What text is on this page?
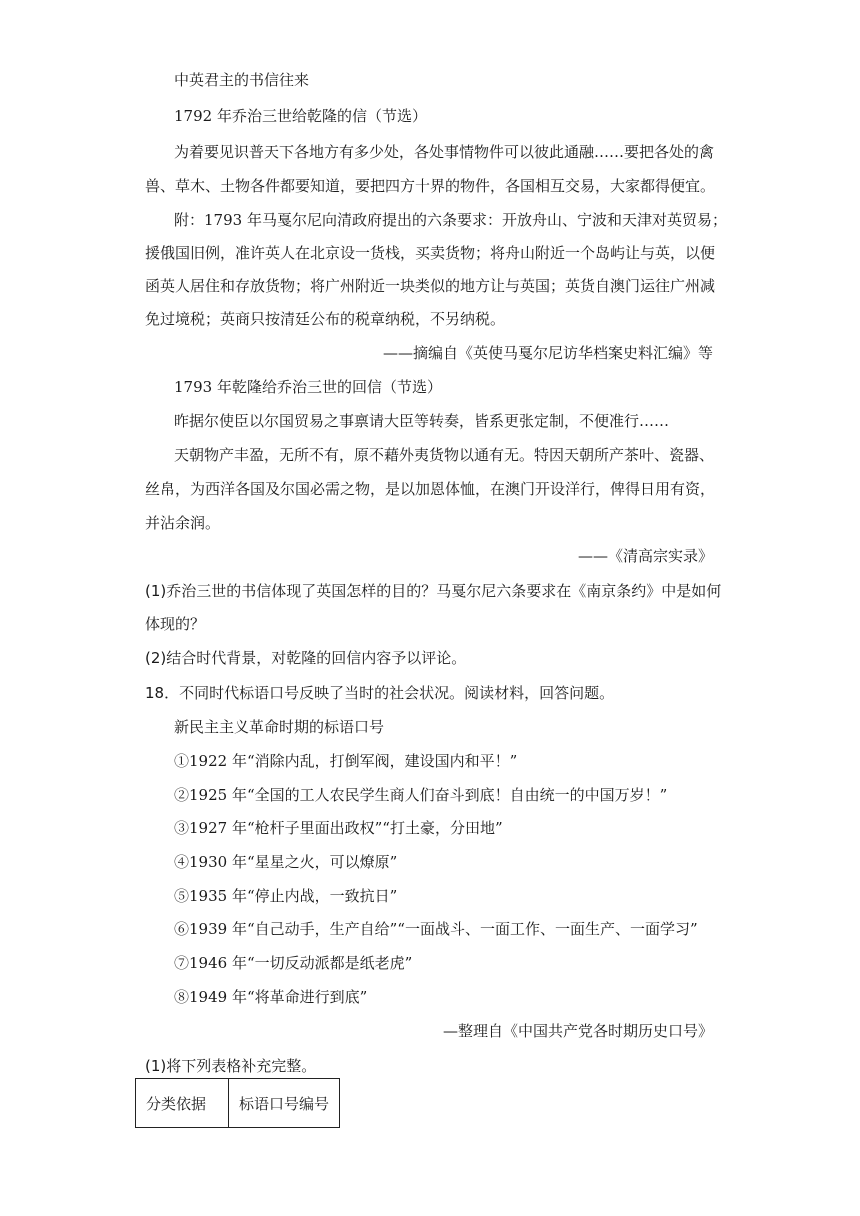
中英君主的书信往来
1792 年乔治三世给乾隆的信（节选）
为着要见识普天下各地方有多少处，各处事情物件可以彼此通融……要把各处的禽
兽、草木、土物各件都要知道，要把四方十界的物件，各国相互交易，大家都得便宜。
附：1793 年马戛尔尼向清政府提出的六条要求：开放舟山、宁波和天津对英贸易；
援俄国旧例，准许英人在北京设一货栈，买卖货物；将舟山附近一个岛屿让与英，以便
函英人居住和存放货物；将广州附近一块类似的地方让与英国；英货自澳门运往广州减
免过境税；英商只按清廷公布的税章纳税，不另纳税。
——摘编自《英使马戛尔尼访华档案史料汇编》等
1793 年乾隆给乔治三世的回信（节选）
昨据尔使臣以尔国贸易之事禀请大臣等转奏，皆系更张定制，不便准行……
天朝物产丰盈，无所不有，原不藉外夷货物以通有无。特因天朝所产茶叶、瓷器、
丝帛，为西洋各国及尔国必需之物，是以加恩体恤，在澳门开设洋行，俾得日用有资，
并沾余润。
——《清高宗实录》
(1)乔治三世的书信体现了英国怎样的目的？马戛尔尼六条要求在《南京条约》中是如何
体现的？
(2)结合时代背景，对乾隆的回信内容予以评论。
18．不同时代标语口号反映了当时的社会状况。阅读材料，回答问题。
新民主主义革命时期的标语口号
①1922 年“消除内乱，打倒军阀，建设国内和平！”
②1925 年“全国的工人农民学生商人们奋斗到底！自由统一的中国万岁！”
③1927 年“枪杆子里面出政权”“打土豪，分田地”
④1930 年“星星之火，可以燎原”
⑤1935 年“停止内战，一致抗日”
⑥1939 年“自己动手，生产自给”“一面战斗、一面工作、一面生产、一面学习”
⑦1946 年“一切反动派都是纸老虎”
⑧1949 年“将革命进行到底”
—整理自《中国共产党各时期历史口号》
(1)将下列表格补充完整。
分类依据	标语口号编号
